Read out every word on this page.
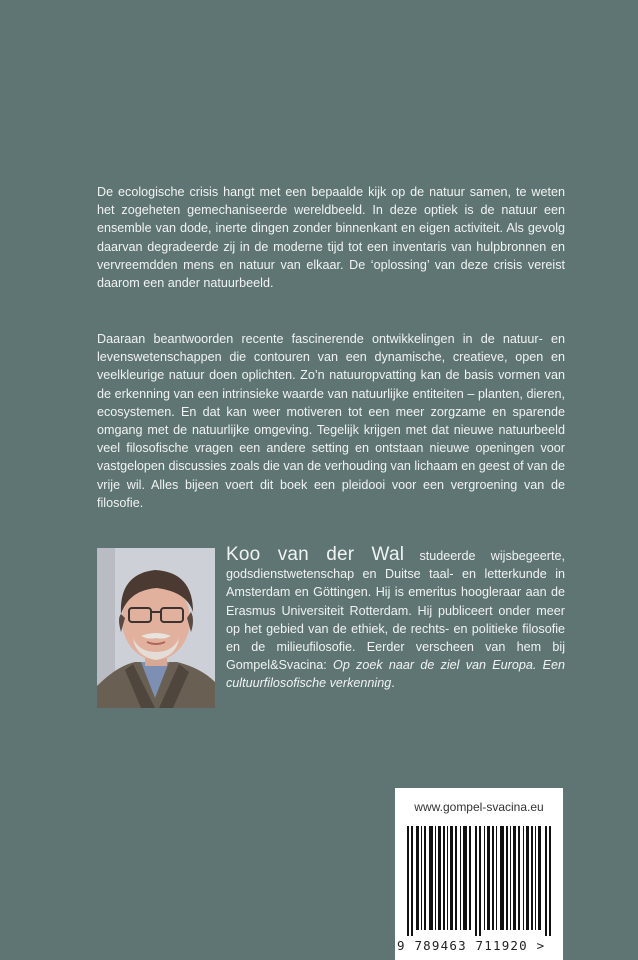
De ecologische crisis hangt met een bepaalde kijk op de natuur samen, te weten het zogeheten gemechaniseerde wereldbeeld. In deze optiek is de natuur een ensemble van dode, inerte dingen zonder binnenkant en eigen activiteit. Als gevolg daarvan degradeerde zij in de moderne tijd tot een inventaris van hulpbronnen en vervreemdden mens en natuur van elkaar. De ‘oplossing’ van deze crisis vereist daarom een ander natuurbeeld.

Daaraan beantwoorden recente fascinerende ontwikkelingen in de natuur- en levenswetenschappen die contouren van een dynamische, creatieve, open en veelkleurige natuur doen oplichten. Zo’n natuuropvatting kan de basis vormen van de erkenning van een intrinsieke waarde van natuurlijke entiteiten – planten, dieren, ecosystemen. En dat kan weer motiveren tot een meer zorgzame en sparende omgang met de natuurlijke omgeving. Tegelijk krijgen met dat nieuwe natuurbeeld veel filosofische vragen een andere setting en ontstaan nieuwe openingen voor vastgelopen discussies zoals die van de verhouding van lichaam en geest of van de vrije wil. Alles bijeen voert dit boek een pleidooi voor een vergroening van de filosofie.

Koo van der Wal studeerde wijsbegeerte, godsdienstwetenschap en Duitse taal- en letterkunde in Amsterdam en Göttingen. Hij is emeritus hoogleraar aan de Erasmus Universiteit Rotterdam. Hij publiceert onder meer op het gebied van de ethiek, de rechts- en politieke filosofie en de milieufilosofie. Eerder verscheen van hem bij Gompel&Svacina: Op zoek naar de ziel van Europa. Een cultuurfilosofische verkenning.

www.gompel-svacina.eu

9 789463 711920 >
